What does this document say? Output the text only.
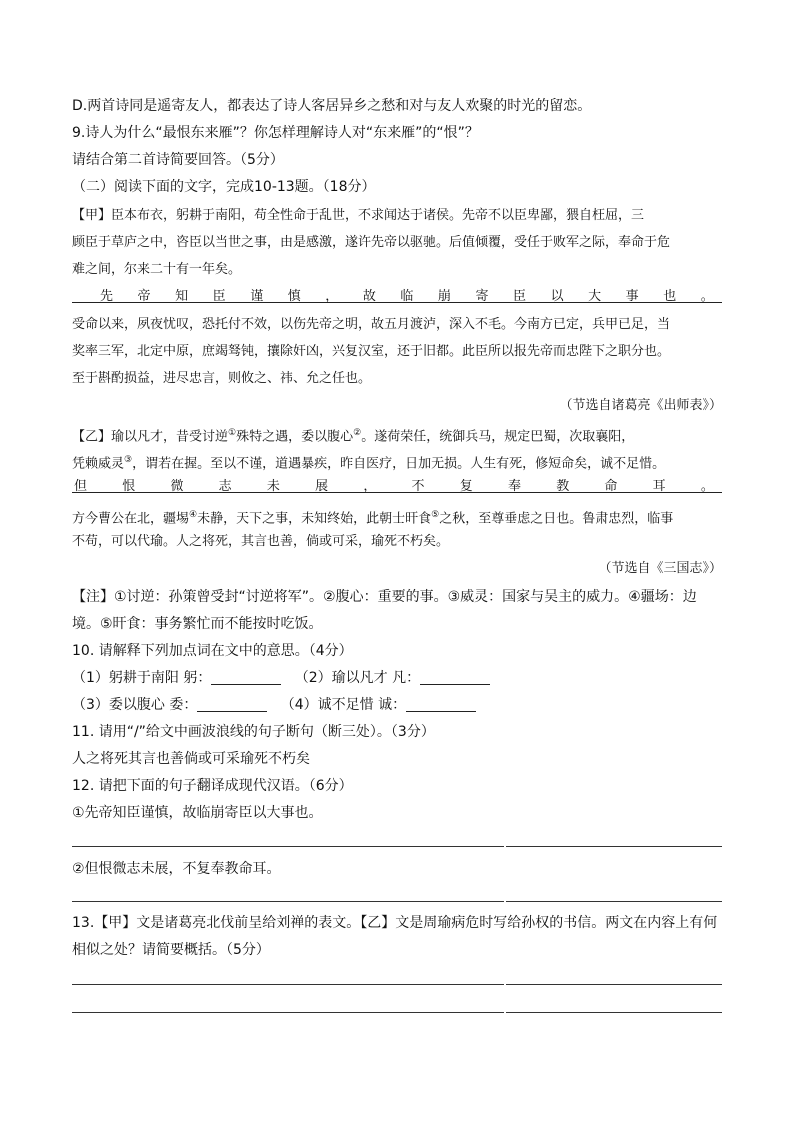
D.两首诗同是遥寄友人，都表达了诗人客居异乡之愁和对与友人欢聚的时光的留恋。
9.诗人为什么“最恨东来雁”？你怎样理解诗人对“东来雁”的“恨”？
请结合第二首诗简要回答。（5分）
（二）阅读下面的文字，完成10-13题。（18分）
【甲】臣本布衣，躬耕于南阳，苟全性命于乱世，不求闻达于诸侯。先帝不以臣卑鄙，猥自枉屈，三
顾臣于草庐之中，咨臣以当世之事，由是感激，遂许先帝以驱驰。后值倾覆，受任于败军之际，奉命于危
难之间，尔来二十有一年矣。
先 帝 知 臣 谨 慎 ， 故 临 崩 寄 臣 以 大 事 也 。
受命以来，夙夜忧叹，恐托付不效，以伤先帝之明，故五月渡泸，深入不毛。今南方已定，兵甲已足，当
奖率三军，北定中原，庶竭驽钝，攘除奸凶，兴复汉室，还于旧都。此臣所以报先帝而忠陛下之职分也。
至于斟酌损益，进尽忠言，则攸之、祎、允之任也。
（节选自诸葛亮《出师表》）
【乙】瑜以凡才，昔受讨逆①殊特之遇，委以腹心②。遂荷荣任，统御兵马，规定巴蜀，次取襄阳，
凭赖威灵③，谓若在握。至以不谨，道遇暴疾，昨自医疗，日加无损。人生有死，修短命矣，诚不足惜。
但	恨	微	志	未	展	，	不	复	奉	教	命	耳	。
方今曹公在北，疆埸④未静，天下之事，未知终始，此朝士旰食⑤之秋，至尊垂虑之日也。鲁肃忠烈，临事
不苟，可以代瑜。人之将死，其言也善，倘或可采，瑜死不朽矣。
（节选自《三国志》）
【注】①讨逆：孙策曾受封“讨逆将军”。②腹心：重要的事。③威灵：国家与吴主的威力。④疆场：边
境。⑤旰食：事务繁忙而不能按时吃饭。
10. 请解释下列加点词在文中的意思。（4分）
（1）躬耕于南阳 躬：	（2）瑜以凡才 凡：
（3）委以腹心 委：	（4）诚不足惜 诚：
11. 请用“/”给文中画波浪线的句子断句（断三处）。（3分）
人之将死其言也善倘或可采瑜死不朽矣
12. 请把下面的句子翻译成现代汉语。（6分）
①先帝知臣谨慎，故临崩寄臣以大事也。
②但恨微志未展，不复奉教命耳。
13.【甲】文是诸葛亮北伐前呈给刘禅的表文。【乙】文是周瑜病危时写给孙权的书信。两文在内容上有何
相似之处？请简要概括。（5分）
